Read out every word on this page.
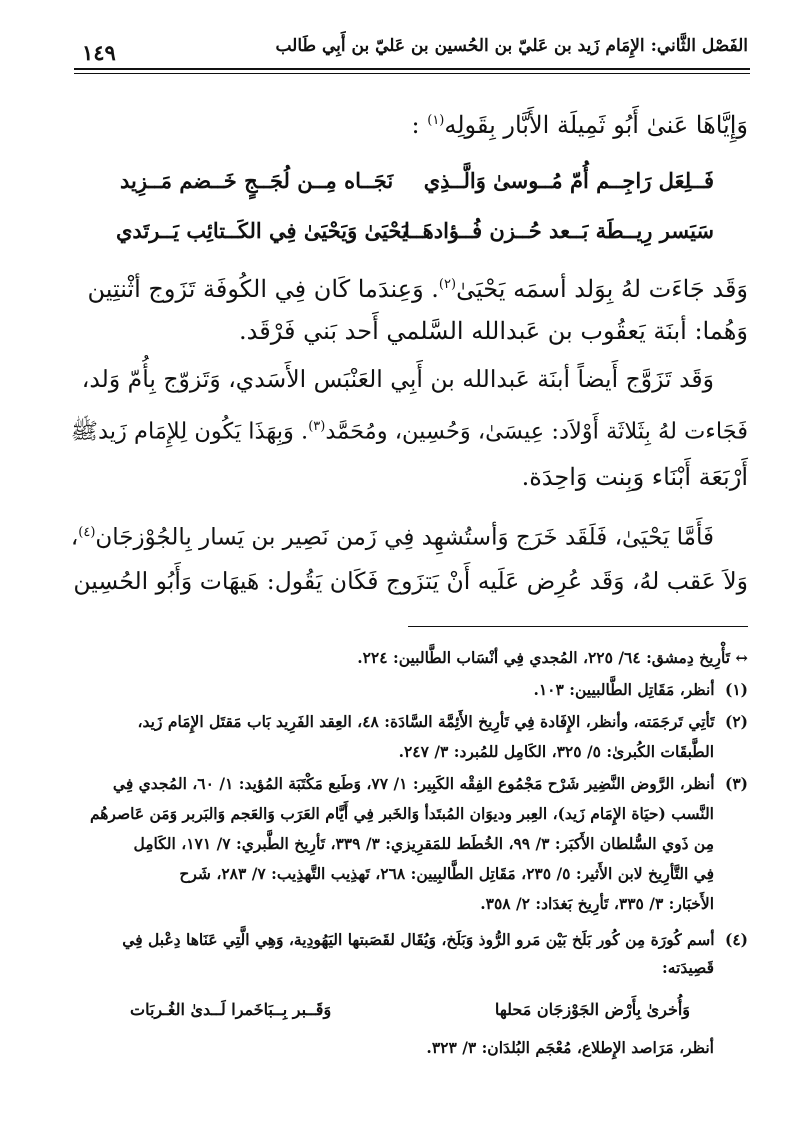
الفَصْل الثَّاني: الإِمَام زَيد بن عَليّ بن الحُسين بن عَليّ بن أَبِي طَالب
١٤٩
وَإِيَّاهَا عَنىٰ أَبُو ثَمِيلَة الأَبَّار بِقَولِه$^{(١)}$ :
فَــلِعَل رَاجِــم أُمّ مُــوسىٰ وَالَّــذِي
نَجَــاه مِــن لُجَــجٍ خَــضم مَــزِيد
سَيَسر رِيــطَة بَــعد حُــزن فُــؤادهَــا
يَحْيَىٰ وَيَحْيَىٰ فِي الكَــتائِب يَــرتَدي
وَقَد جَاءَت لهُ بِوَلد أسمَه يَحْيَىٰ$^{(٢)}$. وَعِندَما كَان فِي الكُوفَة تَزَوج أثْنتِين
وَهُما: أبنَة يَعقُوب بن عَبدالله السَّلمي أَحد بَني فَرْقَد.
وَقَد تَزَوَّج أَيضاً أبنَة عَبدالله بن أَبِي العَنْبَس الأَسَدي، وَتَزوّج بِأُمّ وَلد،
فَجَاءت لهُ بِثَلاثَة أَوْلاَد: عِيسَىٰ، وَحُسِين، ومُحَمَّد$^{(٣)}$. وَبِهَذَا يَكُون لِلإِمَام زَيدﷺ
أَرْبَعَة أَبْنَاء وَبِنت وَاحِدَة.
فَأَمَّا يَحْيَىٰ، فَلَقَد خَرَج وَأستُشهِد فِي زَمن نَصِير بن يَسار بِالجُوْزجَان$^{(٤)}$،
وَلاَ عَقب لهُ، وَقَد عُرِض عَلَيه أَنْ يَتزَوج فَكَان يَقُول: هَيهَات وَأَبُو الحُسِين
↔ تَأْرِيخ دِمشق: ٦٤/ ٢٢٥، المُجدي فِي أنْسَاب الطَّالبين: ٢٢٤.
(١) أنظر، مَقَاتِل الطَّالبيين: ١٠٣.
(٢) تَأتِي تَرجَمَته، وأنظر، الإِفَادة فِي تَأرِيخ الأَئِمَّة السَّادَة: ٤٨، العِقد الفَرِيد بَاب مَقتَل الإِمَام زَيد،
الطَّبقَات الكُبرىٰ: ٥/ ٣٢٥، الكَامِل للمُبرد: ٣/ ٢٤٧.
(٣) أنظر، الرَّوض النَّضِير شَرْح مَجْمُوع الفِقْه الكَبِير: ١/ ٧٧، وَطَبع مَكْتَبَة المُؤيد: ١/ ٦٠، المُجدي فِي
النَّسب (حيَاة الإِمَام زَيد)، العِبر وديوَان المُبتَدأ وَالخَبر فِي أَيَّام العَرَب وَالعَجم وَالبَربر وَمَن عَاصرهُم
مِن ذَوي السُّلطان الأَكبَر: ٣/ ٩٩، الخُطَط للمَقرِيزي: ٣/ ٣٣٩، تَأرِيخ الطَّبري: ٧/ ١٧١، الكَامِل
فِي التَّأرِيخ لابن الأَثير: ٥/ ٢٣٥، مَقَاتِل الطَّالبِيين: ٢٦٨، تَهذِيب التَّهذِيب: ٧/ ٢٨٣، شَرح
الأَخبَار: ٣/ ٣٣٥، تَأرِيخ بَغدَاد: ٢/ ٣٥٨.
(٤) أسم كُورَة مِن كُور بَلَخ بَيْن مَرو الرُّوذ وَبَلَخ، وَيُقَال لقَصَبتها اليَهُودِية، وَهِي الَّتِي عَنَاها دِعْبل فِي
قَصِيدَته:
وَأُخرىٰ بِأَرْض الجَوْزجَان مَحلها
وَقَــبر بِــبَاخَمرا لَــدىٰ الغُـربَات
أنظر، مَرَاصد الإِطلاع، مُعْجَم البُلدَان: ٣/ ٣٢٣.
